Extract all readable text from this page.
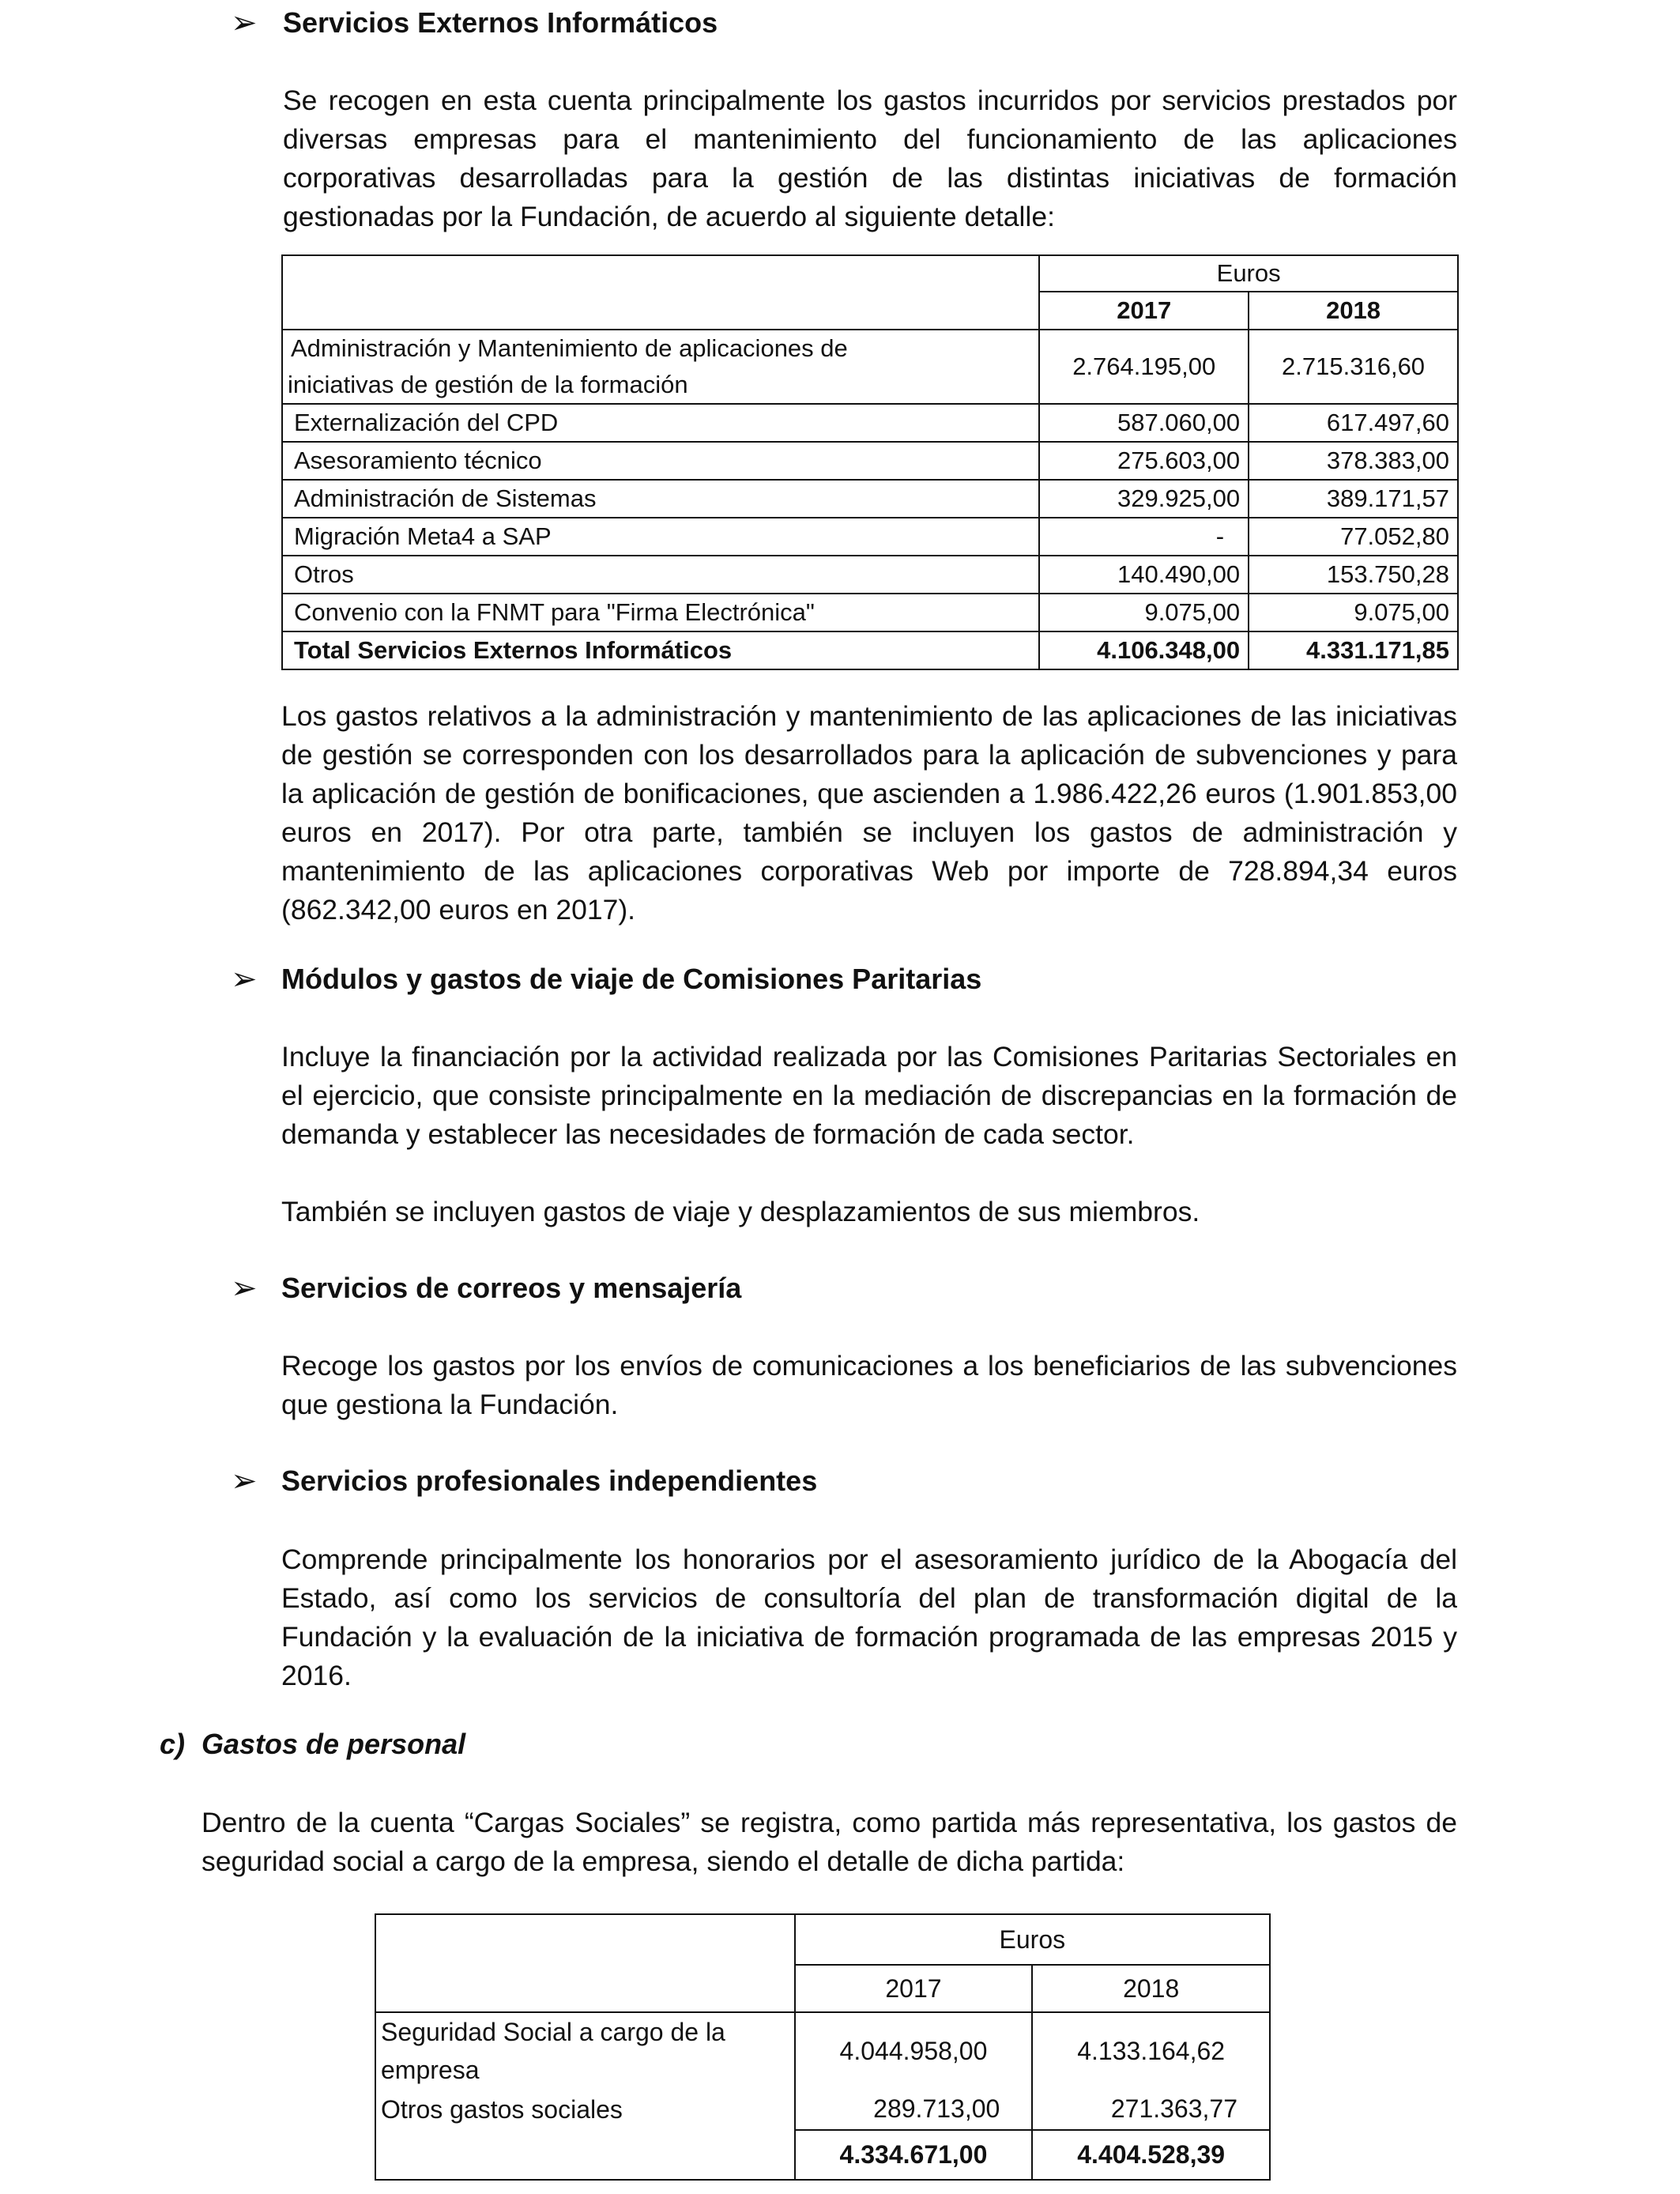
➢ Servicios Externos Informáticos
Se recogen en esta cuenta principalmente los gastos incurridos por servicios prestados por
diversas empresas para el mantenimiento del funcionamiento de las aplicaciones
corporativas desarrolladas para la gestión de las distintas iniciativas de formación
gestionadas por la Fundación, de acuerdo al siguiente detalle:
	Euros	
	2017	2018

Administración y Mantenimiento de aplicaciones de
iniciativas de gestión de la formación	2.764.195,00	2.715.316,60
Externalización del CPD	587.060,00	617.497,60
Asesoramiento técnico	275.603,00	378.383,00
Administración de Sistemas	329.925,00	389.171,57
Migración Meta4 a SAP	-	77.052,80
Otros	140.490,00	153.750,28
Convenio con la FNMT para "Firma Electrónica"	9.075,00	9.075,00
Total Servicios Externos Informáticos	4.106.348,00	4.331.171,85
Los gastos relativos a la administración y mantenimiento de las aplicaciones de las iniciativas
de gestión se corresponden con los desarrollados para la aplicación de subvenciones y para
la aplicación de gestión de bonificaciones, que ascienden a 1.986.422,26 euros (1.901.853,00
euros en 2017). Por otra parte, también se incluyen los gastos de administración y
mantenimiento de las aplicaciones corporativas Web por importe de 728.894,34 euros
(862.342,00 euros en 2017).
➢ Módulos y gastos de viaje de Comisiones Paritarias
Incluye la financiación por la actividad realizada por las Comisiones Paritarias Sectoriales en
el ejercicio, que consiste principalmente en la mediación de discrepancias en la formación de
demanda y establecer las necesidades de formación de cada sector.
También se incluyen gastos de viaje y desplazamientos de sus miembros.
➢ Servicios de correos y mensajería
Recoge los gastos por los envíos de comunicaciones a los beneficiarios de las subvenciones
que gestiona la Fundación.
➢ Servicios profesionales independientes
Comprende principalmente los honorarios por el asesoramiento jurídico de la Abogacía del
Estado, así como los servicios de consultoría del plan de transformación digital de la
Fundación y la evaluación de la iniciativa de formación programada de las empresas 2015 y
2016.
c) Gastos de personal
Dentro de la cuenta “Cargas Sociales” se registra, como partida más representativa, los gastos de
seguridad social a cargo de la empresa, siendo el detalle de dicha partida:
	Euros	
	2017	2018

Seguridad Social a cargo de la
empresa	4.044.958,00	4.133.164,62
Otros gastos sociales	289.713,00	271.363,77
	4.334.671,00	4.404.528,39
